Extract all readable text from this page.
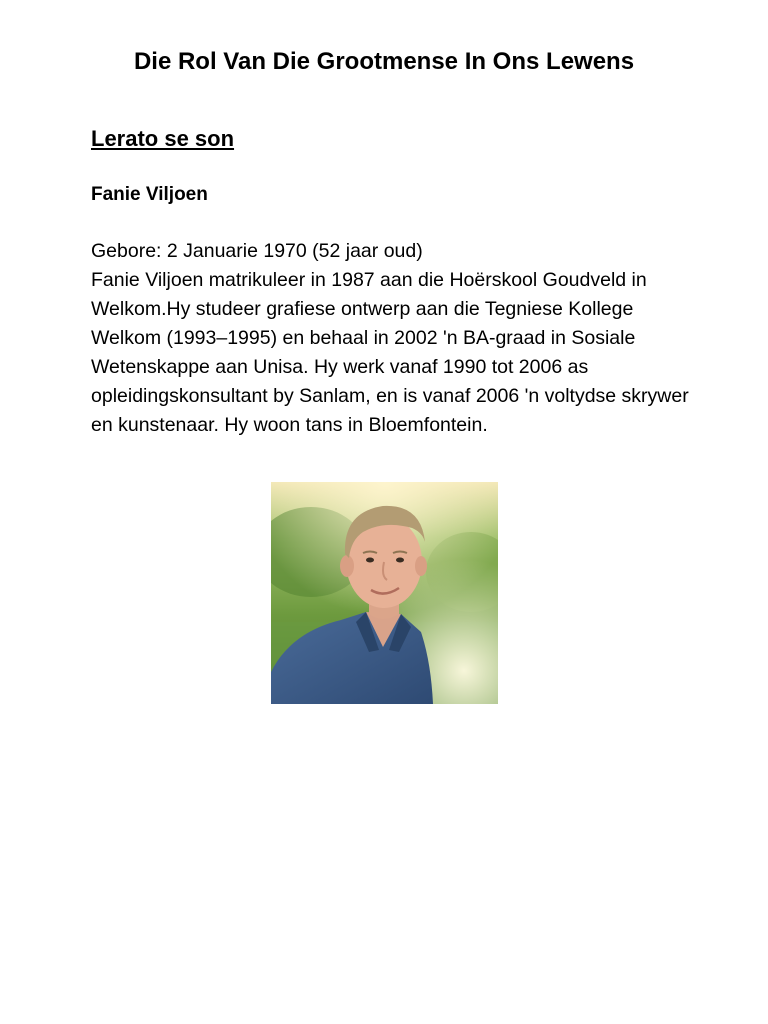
Die Rol Van Die Grootmense In Ons Lewens
Lerato se son
Fanie Viljoen

Gebore: 2 Januarie 1970 (52 jaar oud)

Fanie Viljoen matrikuleer in 1987 aan die Hoërskool Goudveld in Welkom.Hy studeer grafiese ontwerp aan die Tegniese Kollege Welkom (1993–1995) en behaal in 2002 'n BA-graad in Sosiale Wetenskappe aan Unisa. Hy werk vanaf 1990 tot 2006 as opleidingskonsultant by Sanlam, en is vanaf 2006 'n voltydse skrywer en kunstenaar. Hy woon tans in Bloemfontein.
